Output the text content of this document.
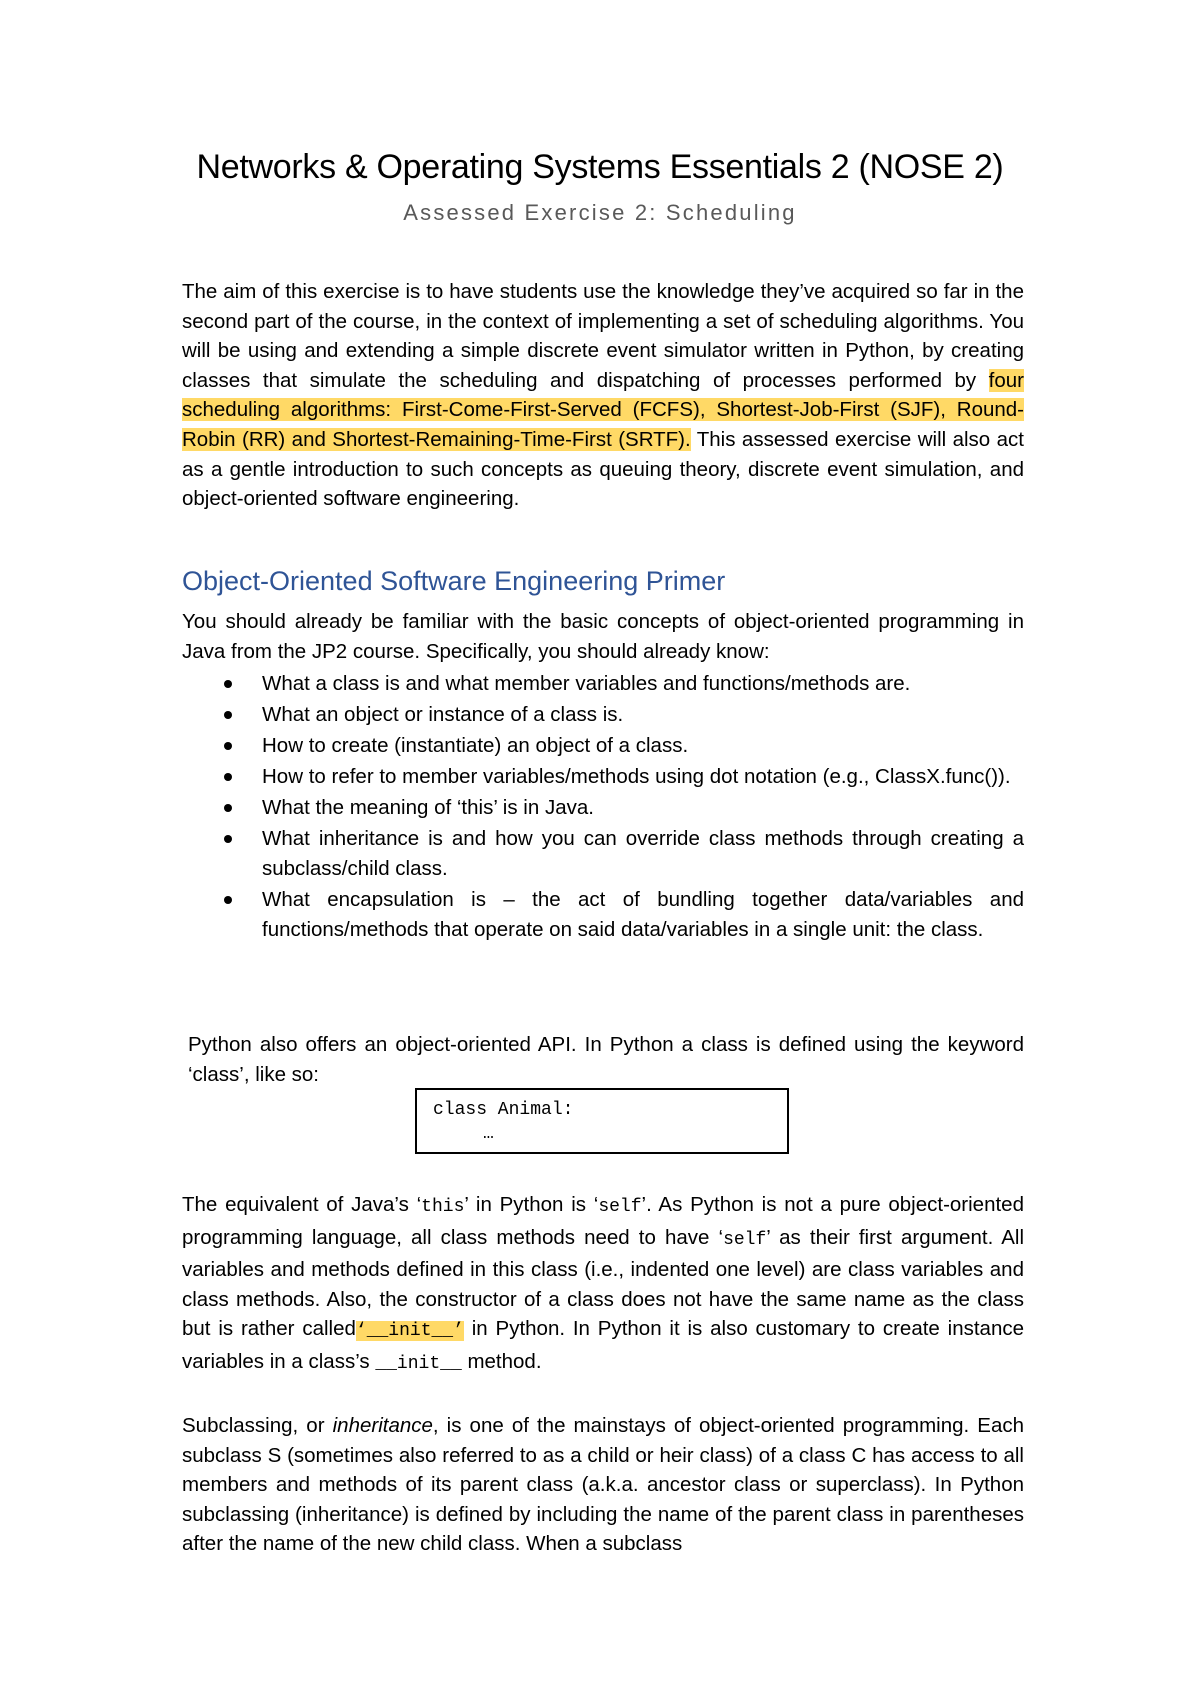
Networks & Operating Systems Essentials 2 (NOSE 2)
Assessed Exercise 2: Scheduling

The aim of this exercise is to have students use the knowledge they’ve acquired so far in the second part of the course, in the context of implementing a set of scheduling algorithms. You will be using and extending a simple discrete event simulator written in Python, by creating classes that simulate the scheduling and dispatching of processes performed by four scheduling algorithms: First-Come-First-Served (FCFS), Shortest-Job-First (SJF), Round-Robin (RR) and Shortest-Remaining-Time-First (SRTF). This assessed exercise will also act as a gentle introduction to such concepts as queuing theory, discrete event simulation, and object-oriented software engineering.

Object-Oriented Software Engineering Primer

You should already be familiar with the basic concepts of object-oriented programming in Java from the JP2 course. Specifically, you should already know:

What a class is and what member variables and functions/methods are.
What an object or instance of a class is.
How to create (instantiate) an object of a class.
How to refer to member variables/methods using dot notation (e.g., ClassX.func()).
What the meaning of ‘this’ is in Java.
What inheritance is and how you can override class methods through creating a subclass/child class.
What encapsulation is – the act of bundling together data/variables and functions/methods that operate on said data/variables in a single unit: the class.

Python also offers an object-oriented API. In Python a class is defined using the keyword ‘class’, like so:

class Animal:
…

The equivalent of Java’s ‘this’ in Python is ‘self’. As Python is not a pure object-oriented programming language, all class methods need to have ‘self’ as their first argument. All variables and methods defined in this class (i.e., indented one level) are class variables and class methods. Also, the constructor of a class does not have the same name as the class but is rather called‘__init__’ in Python. In Python it is also customary to create instance variables in a class’s __init__ method.

Subclassing, or inheritance, is one of the mainstays of object-oriented programming. Each subclass S (sometimes also referred to as a child or heir class) of a class C has access to all members and methods of its parent class (a.k.a. ancestor class or superclass). In Python subclassing (inheritance) is defined by including the name of the parent class in parentheses after the name of the new child class. When a subclass
